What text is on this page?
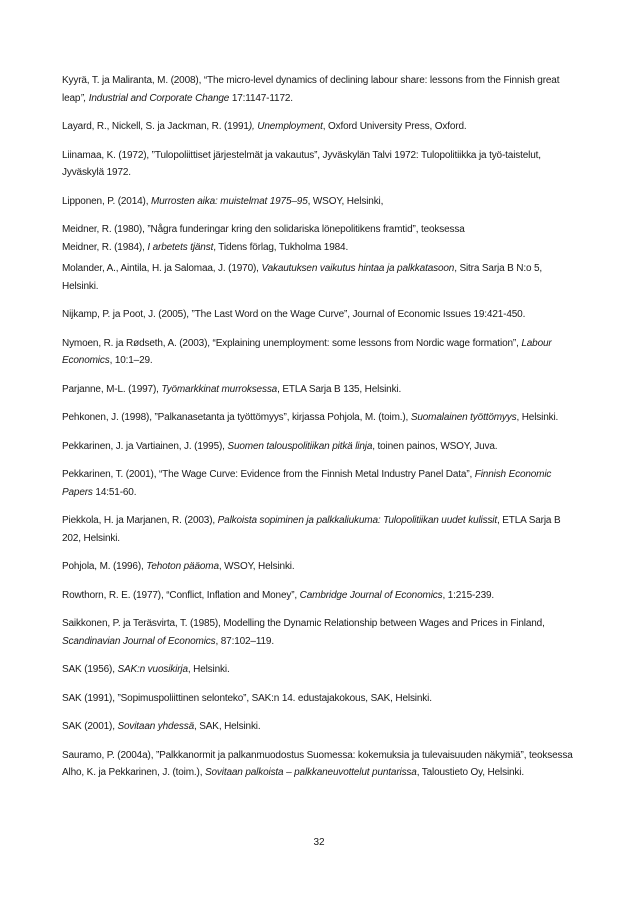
Kyyrä, T. ja Maliranta, M. (2008), “The micro-level dynamics of declining labour share: lessons from the Finnish great leap”, Industrial and Corporate Change 17:1147-1172.

Layard, R., Nickell, S. ja Jackman, R. (1991), Unemployment, Oxford University Press, Oxford.

Liinamaa, K. (1972), ”Tulopoliittiset järjestelmät ja vakautus”, Jyväskylän Talvi 1972: Tulopolitiikka ja työ-taistelut, Jyväskylä 1972.

Lipponen, P. (2014), Murrosten aika: muistelmat 1975–95, WSOY, Helsinki,

Meidner, R. (1980), ”Några funderingar kring den solidariska lönepolitikens framtid”, teoksessa
Meidner, R. (1984), I arbetets tjänst, Tidens förlag, Tukholma 1984.

Molander, A., Aintila, H. ja Salomaa, J. (1970), Vakautuksen vaikutus hintaa ja palkkatasoon, Sitra Sarja B N:o 5, Helsinki.

Nijkamp, P. ja Poot, J. (2005), ”The Last Word on the Wage Curve”, Journal of Economic Issues 19:421-450.

Nymoen, R. ja Rødseth, A. (2003), “Explaining unemployment: some lessons from Nordic wage formation”, Labour Economics, 10:1–29.

Parjanne, M-L. (1997), Työmarkkinat murroksessa, ETLA Sarja B 135, Helsinki.

Pehkonen, J. (1998), ”Palkanasetanta ja työttömyys”, kirjassa Pohjola, M. (toim.), Suomalainen työttömyys, Helsinki.

Pekkarinen, J. ja Vartiainen, J. (1995), Suomen talouspolitiikan pitkä linja, toinen painos, WSOY, Juva.

Pekkarinen, T. (2001), “The Wage Curve: Evidence from the Finnish Metal Industry Panel Data”, Finnish Economic Papers 14:51-60.

Piekkola, H. ja Marjanen, R. (2003), Palkoista sopiminen ja palkkaliukuma: Tulopolitiikan uudet kulissit, ETLA Sarja B 202, Helsinki.

Pohjola, M. (1996), Tehoton pääoma, WSOY, Helsinki.

Rowthorn, R. E. (1977), “Conflict, Inflation and Money”, Cambridge Journal of Economics, 1:215-239.

Saikkonen, P. ja Teräsvirta, T. (1985), Modelling the Dynamic Relationship between Wages and Prices in Finland, Scandinavian Journal of Economics, 87:102–119.

SAK (1956), SAK:n vuosikirja, Helsinki.

SAK (1991), ”Sopimuspoliittinen selonteko”, SAK:n 14. edustajakokous, SAK, Helsinki.

SAK (2001), Sovitaan yhdessä, SAK, Helsinki.

Sauramo, P. (2004a), ”Palkkanormit ja palkanmuodostus Suomessa: kokemuksia ja tulevaisuuden näkymiä”, teoksessa Alho, K. ja Pekkarinen, J. (toim.), Sovitaan palkoista – palkkaneuvottelut puntarissa, Taloustieto Oy, Helsinki.

32
